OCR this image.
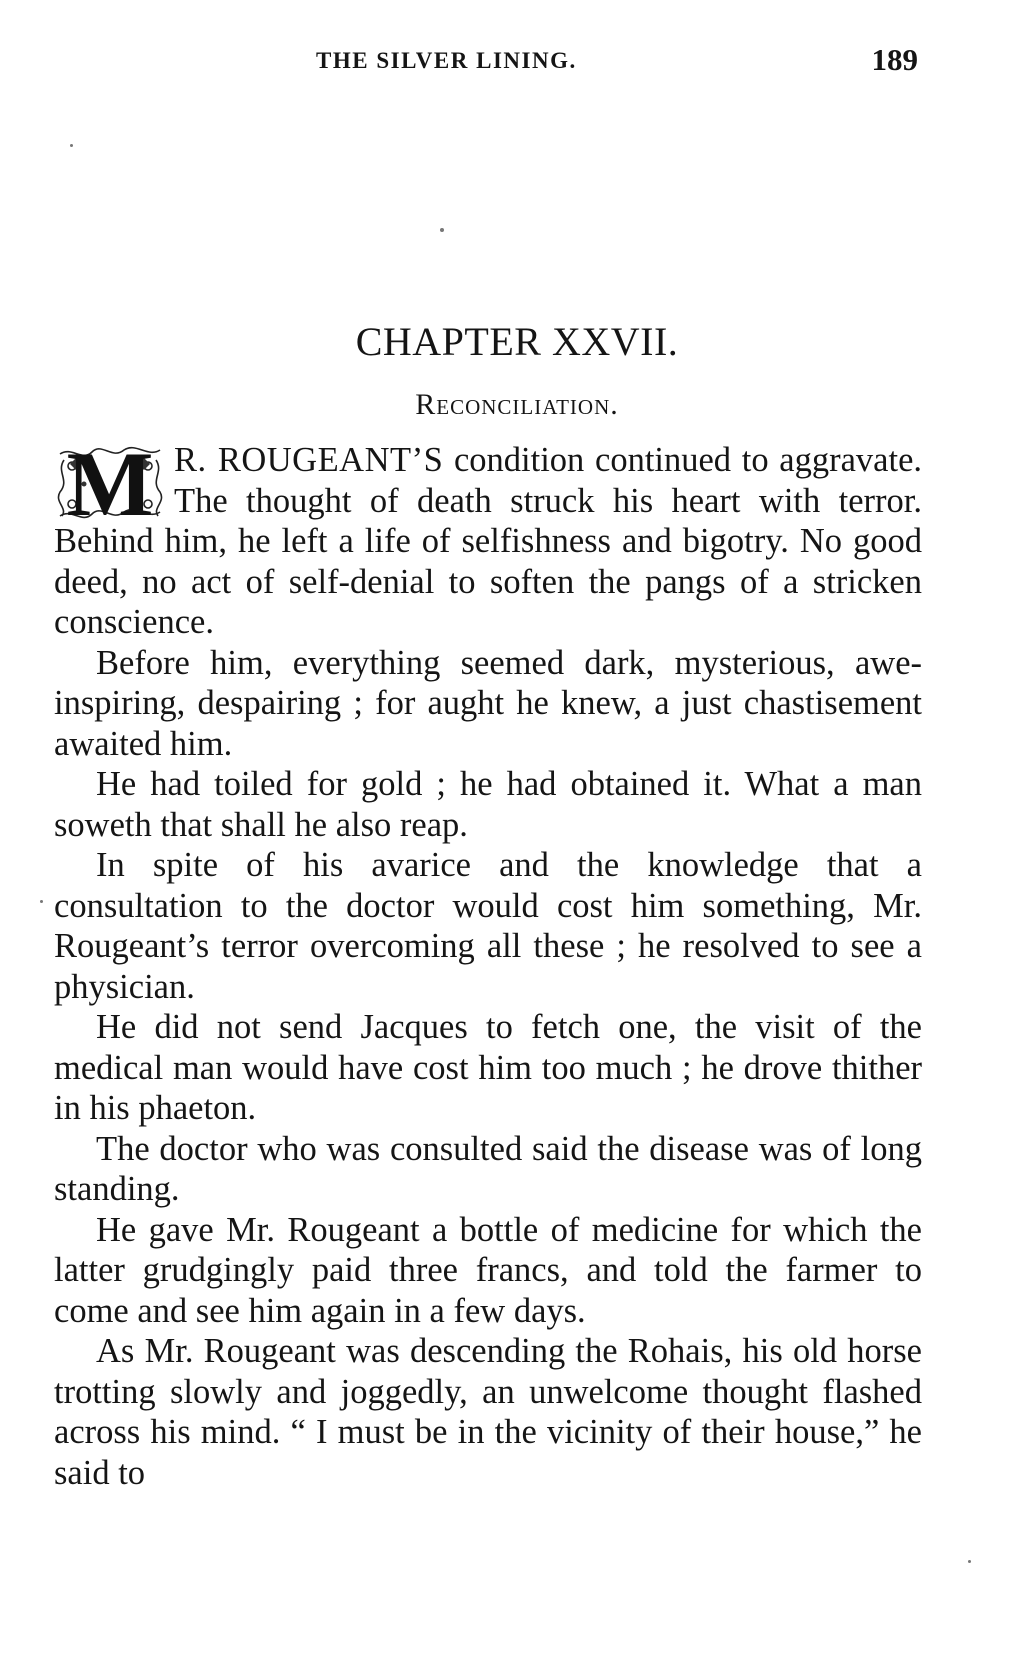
THE SILVER LINING.	189
CHAPTER XXVII.
Reconciliation.

M R. ROUGEANT’S condition continued to aggravate. The thought of death struck his heart with terror. Behind him, he left a life of selfishness and bigotry. No good deed, no act of self-denial to soften the pangs of a stricken conscience.

Before him, everything seemed dark, mysterious, awe-inspiring, despairing ; for aught he knew, a just chastisement awaited him.

He had toiled for gold ; he had obtained it. What a man soweth that shall he also reap.

In spite of his avarice and the knowledge that a consultation to the doctor would cost him something, Mr. Rougeant’s terror overcoming all these ; he resolved to see a physician.

He did not send Jacques to fetch one, the visit of the medical man would have cost him too much ; he drove thither in his phaeton.

The doctor who was consulted said the disease was of long standing.

He gave Mr. Rougeant a bottle of medicine for which the latter grudgingly paid three francs, and told the farmer to come and see him again in a few days.

As Mr. Rougeant was descending the Rohais, his old horse trotting slowly and joggedly, an unwelcome thought flashed across his mind. “ I must be in the vicinity of their house,” he said to
